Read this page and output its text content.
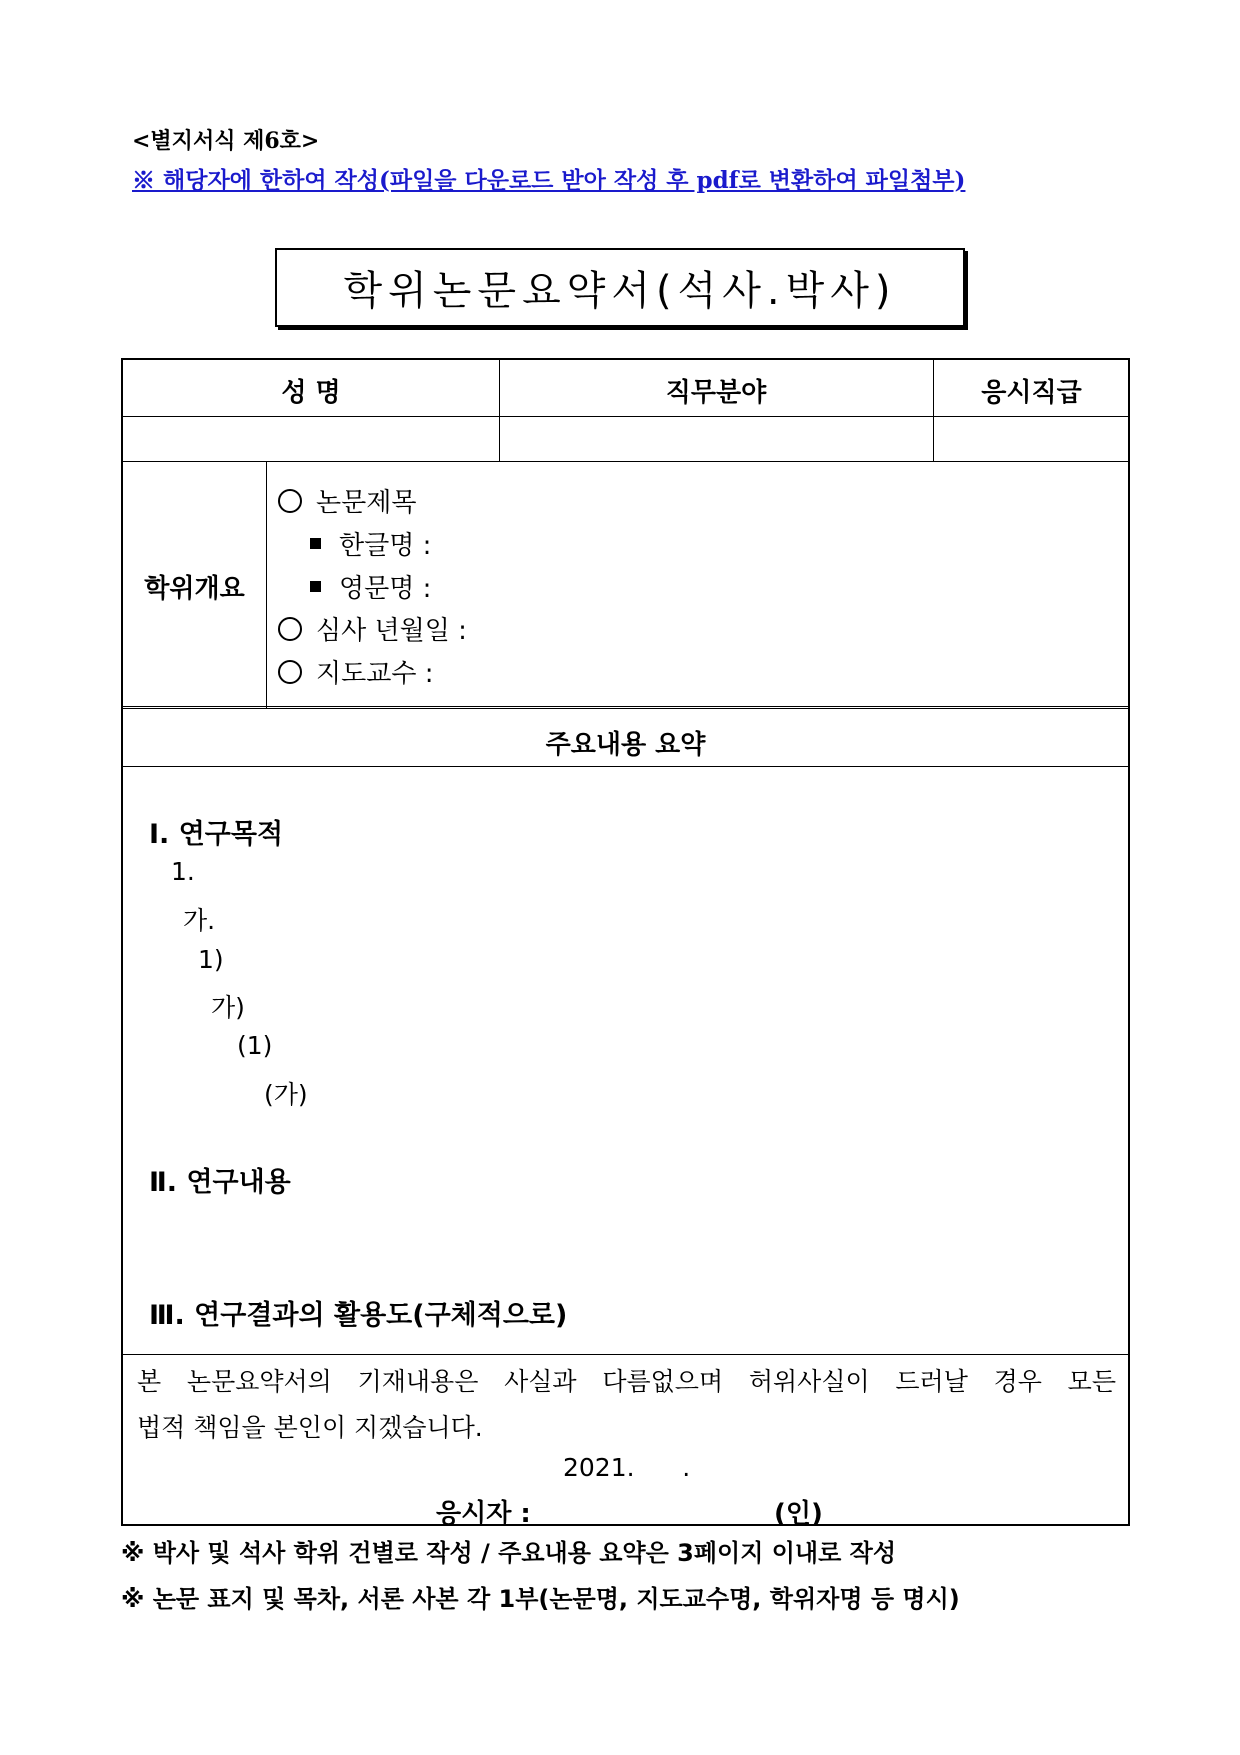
<별지서식 제6호>
※ 해당자에 한하여 작성(파일을 다운로드 받아 작성 후 pdf로 변환하여 파일첨부)
학위논문요약서(석사.박사)
성 명	직무분야	응시직급
학위개요
논문제목
한글명 :
영문명 :
심사 년월일 :
지도교수 :
주요내용 요약
Ⅰ. 연구목적
1.
가.
1)
가)
(1)
(가)
Ⅱ. 연구내용
Ⅲ. 연구결과의 활용도(구체적으로)
본 논문요약서의 기재내용은 사실과 다름없으며 허위사실이 드러날 경우 모든
법적 책임을 본인이 지겠습니다.
2021.      .
응시자 :	(인)
※ 박사 및 석사 학위 건별로 작성 / 주요내용 요약은 3페이지 이내로 작성
※ 논문 표지 및 목차, 서론 사본 각 1부(논문명, 지도교수명, 학위자명 등 명시)
